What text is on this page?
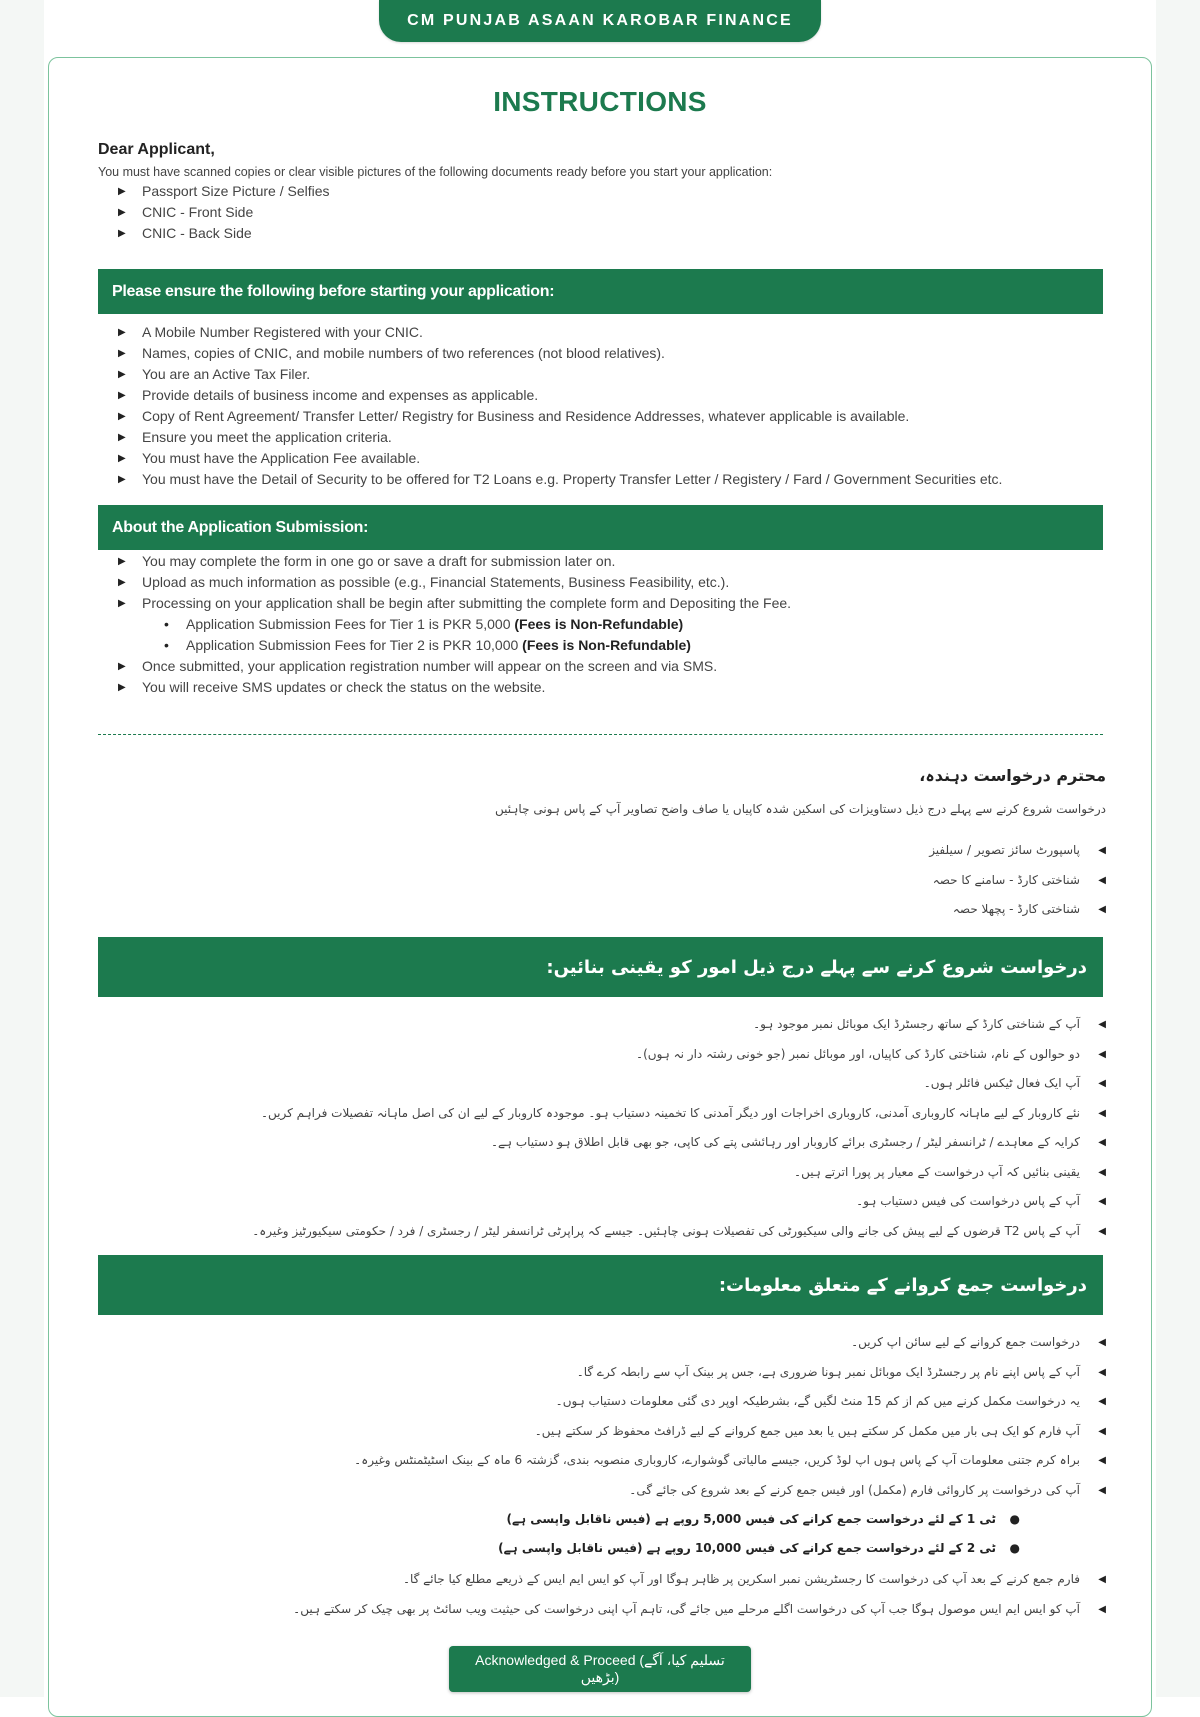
CM PUNJAB ASAAN KAROBAR FINANCE
INSTRUCTIONS
Dear Applicant,
You must have scanned copies or clear visible pictures of the following documents ready before you start your application:
▶ Passport Size Picture / Selfies
▶ CNIC - Front Side
▶ CNIC - Back Side
Please ensure the following before starting your application:
▶ A Mobile Number Registered with your CNIC.
▶ Names, copies of CNIC, and mobile numbers of two references (not blood relatives).
▶ You are an Active Tax Filer.
▶ Provide details of business income and expenses as applicable.
▶ Copy of Rent Agreement/ Transfer Letter/ Registry for Business and Residence Addresses, whatever applicable is available.
▶ Ensure you meet the application criteria.
▶ You must have the Application Fee available.
▶ You must have the Detail of Security to be offered for T2 Loans e.g. Property Transfer Letter / Registery / Fard / Government Securities etc.
About the Application Submission:
▶ You may complete the form in one go or save a draft for submission later on.
▶ Upload as much information as possible (e.g., Financial Statements, Business Feasibility, etc.).
▶ Processing on your application shall be begin after submitting the complete form and Depositing the Fee.
• Application Submission Fees for Tier 1 is PKR 5,000 (Fees is Non-Refundable)
• Application Submission Fees for Tier 2 is PKR 10,000 (Fees is Non-Refundable)
▶ Once submitted, your application registration number will appear on the screen and via SMS.
▶ You will receive SMS updates or check the status on the website.
محترم درخواست دہندہ،
درخواست شروع کرنے سے پہلے درج ذیل دستاویزات کی اسکین شدہ کاپیاں یا صاف واضح تصاویر آپ کے پاس ہونی چاہئیں
◀
پاسپورٹ سائز تصویر / سیلفیز
◀
شناختی کارڈ - سامنے کا حصہ
◀
شناختی کارڈ - پچھلا حصہ
درخواست شروع کرنے سے پہلے درج ذیل امور کو یقینی بنائیں:
◀
آپ کے شناختی کارڈ کے ساتھ رجسٹرڈ ایک موبائل نمبر موجود ہو۔
◀
دو حوالوں کے نام، شناختی کارڈ کی کاپیاں، اور موبائل نمبر (جو خونی رشتہ دار نہ ہوں)۔
◀
آپ ایک فعال ٹیکس فائلر ہوں۔
◀
نئے کاروبار کے لیے ماہانہ کاروباری آمدنی، کاروباری اخراجات اور دیگر آمدنی کا تخمینہ دستیاب ہو۔ موجودہ کاروبار کے لیے ان کی اصل ماہانہ تفصیلات فراہم کریں۔
◀
کرایہ کے معاہدے / ٹرانسفر لیٹر / رجسٹری برائے کاروبار اور رہائشی پتے کی کاپی، جو بھی قابل اطلاق ہو دستیاب ہے۔
◀
یقینی بنائیں کہ آپ درخواست کے معیار پر پورا اترتے ہیں۔
◀
آپ کے پاس درخواست کی فیس دستیاب ہو۔
◀
آپ کے پاس T2 قرضوں کے لیے پیش کی جانے والی سیکیورٹی کی تفصیلات ہونی چاہئیں۔ جیسے کہ پراپرٹی ٹرانسفر لیٹر / رجسٹری / فرد / حکومتی سیکیورٹیز وغیرہ۔
درخواست جمع کروانے کے متعلق معلومات:
◀
درخواست جمع کروانے کے لیے سائن اپ کریں۔
◀
آپ کے پاس اپنے نام پر رجسٹرڈ ایک موبائل نمبر ہونا ضروری ہے، جس پر بینک آپ سے رابطہ کرے گا۔
◀
یہ درخواست مکمل کرنے میں کم از کم 15 منٹ لگیں گے، بشرطیکہ اوپر دی گئی معلومات دستیاب ہوں۔
◀
آپ فارم کو ایک ہی بار میں مکمل کر سکتے ہیں یا بعد میں جمع کروانے کے لیے ڈرافٹ محفوظ کر سکتے ہیں۔
◀
براہ کرم جتنی معلومات آپ کے پاس ہوں اپ لوڈ کریں، جیسے مالیاتی گوشوارے، کاروباری منصوبہ بندی، گزشتہ 6 ماہ کے بینک اسٹیٹمنٹس وغیرہ۔
◀
آپ کی درخواست پر کاروائی فارم (مکمل) اور فیس جمع کرنے کے بعد شروع کی جائے گی۔
●
ٹی 1 کے لئے درخواست جمع کرانے کی فیس 5,000 روپے ہے (فیس ناقابل واپسی ہے)
●
ٹی 2 کے لئے درخواست جمع کرانے کی فیس 10,000 روپے ہے (فیس ناقابل واپسی ہے)
◀
فارم جمع کرنے کے بعد آپ کی درخواست کا رجسٹریشن نمبر اسکرین پر ظاہر ہوگا اور آپ کو ایس ایم ایس کے ذریعے مطلع کیا جائے گا۔
◀
آپ کو ایس ایم ایس موصول ہوگا جب آپ کی درخواست اگلے مرحلے میں جائے گی، تاہم آپ اپنی درخواست کی حیثیت ویب سائٹ پر بھی چیک کر سکتے ہیں۔
Acknowledged & Proceed (تسلیم کیا، آگے بڑھیں)
